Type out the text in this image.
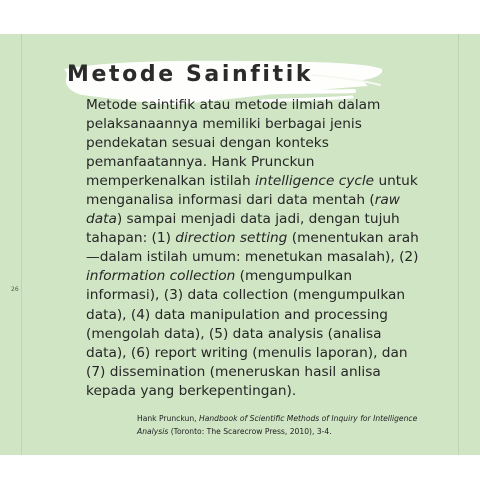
Metode Sainfitik

Metode saintifik atau metode ilmiah dalam pelaksanaannya memiliki berbagai jenis pendekatan sesuai dengan konteks pemanfaatannya. Hank Prunckun memperkenalkan istilah intelligence cycle untuk menganalisa informasi dari data mentah (raw data) sampai menjadi data jadi, dengan tujuh tahapan: (1) direction setting (menentukan arah—dalam istilah umum: menetukan masalah), (2) information collection (mengumpulkan informasi), (3) data collection (mengumpulkan data), (4) data manipulation and processing (mengolah data), (5) data analysis (analisa data), (6) report writing (menulis laporan), dan (7) dissemination (meneruskan hasil anlisa kepada yang berkepentingan).

26

Hank Prunckun, Handbook of Scientific Methods of Inquiry for Intelligence Analysis (Toronto: The Scarecrow Press, 2010), 3-4.
